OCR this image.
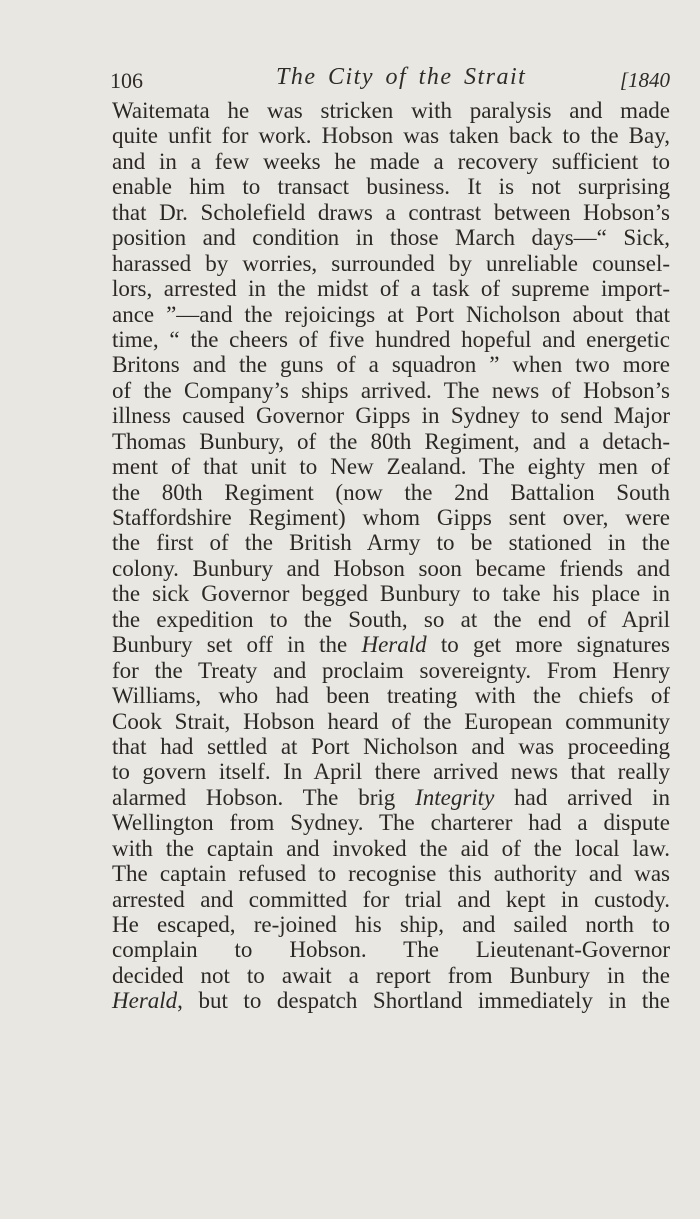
106	The City of the Strait	[1840
Waitemata he was stricken with paralysis and made
quite unfit for work. Hobson was taken back to the Bay,
and in a few weeks he made a recovery sufficient to
enable him to transact business. It is not surprising
that Dr. Scholefield draws a contrast between Hobson’s
position and condition in those March days—“ Sick,
harassed by worries, surrounded by unreliable counsel-
lors, arrested in the midst of a task of supreme import-
ance ”—and the rejoicings at Port Nicholson about that
time, “ the cheers of five hundred hopeful and energetic
Britons and the guns of a squadron ” when two more
of the Company’s ships arrived. The news of Hobson’s
illness caused Governor Gipps in Sydney to send Major
Thomas Bunbury, of the 80th Regiment, and a detach-
ment of that unit to New Zealand. The eighty men of
the 80th Regiment (now the 2nd Battalion South
Staffordshire Regiment) whom Gipps sent over, were
the first of the British Army to be stationed in the
colony. Bunbury and Hobson soon became friends and
the sick Governor begged Bunbury to take his place in
the expedition to the South, so at the end of April
Bunbury set off in the Herald to get more signatures
for the Treaty and proclaim sovereignty. From Henry
Williams, who had been treating with the chiefs of
Cook Strait, Hobson heard of the European community
that had settled at Port Nicholson and was proceeding
to govern itself. In April there arrived news that really
alarmed Hobson. The brig Integrity had arrived in
Wellington from Sydney. The charterer had a dispute
with the captain and invoked the aid of the local law.
The captain refused to recognise this authority and was
arrested and committed for trial and kept in custody.
He escaped, re-joined his ship, and sailed north to
complain to Hobson. The Lieutenant-Governor
decided not to await a report from Bunbury in the
Herald, but to despatch Shortland immediately in the
